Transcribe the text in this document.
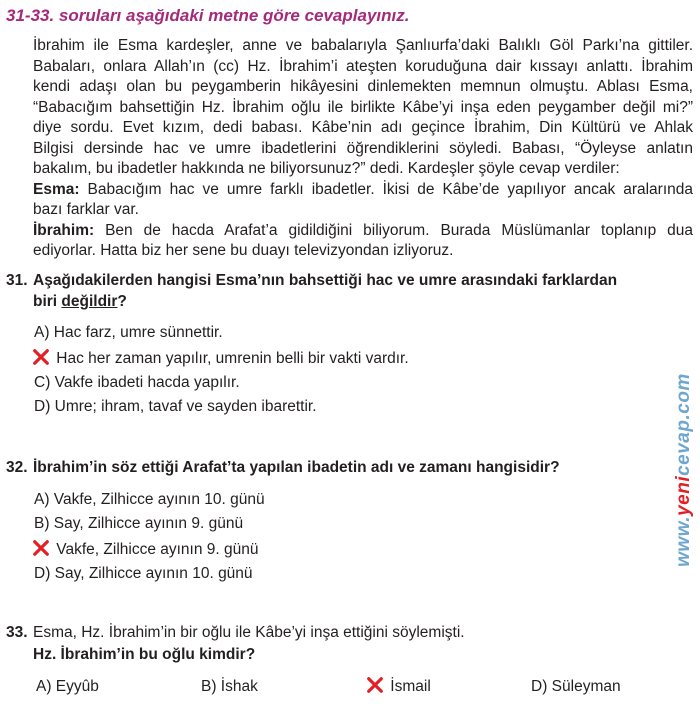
31-33. soruları aşağıdaki metne göre cevaplayınız.
İbrahim ile Esma kardeşler, anne ve babalarıyla Şanlıurfa’daki Balıklı Göl Parkı’na gittiler.
Babaları, onlara Allah’ın (cc) Hz. İbrahim’i ateşten koruduğuna dair kıssayı anlattı. İbrahim
kendi adaşı olan bu peygamberin hikâyesini dinlemekten memnun olmuştu. Ablası Esma,
“Babacığım bahsettiğin Hz. İbrahim oğlu ile birlikte Kâbe’yi inşa eden peygamber değil mi?”
diye sordu. Evet kızım, dedi babası. Kâbe’nin adı geçince İbrahim, Din Kültürü ve Ahlak
Bilgisi dersinde hac ve umre ibadetlerini öğrendiklerini söyledi. Babası, “Öyleyse anlatın
bakalım, bu ibadetler hakkında ne biliyorsunuz?” dedi. Kardeşler şöyle cevap verdiler:
Esma: Babacığım hac ve umre farklı ibadetler. İkisi de Kâbe’de yapılıyor ancak aralarında
bazı farklar var.
İbrahim: Ben de hacda Arafat’a gidildiğini biliyorum. Burada Müslümanlar toplanıp dua
ediyorlar. Hatta biz her sene bu duayı televizyondan izliyoruz.
31. Aşağıdakilerden hangisi Esma’nın bahsettiği hac ve umre arasındaki farklardan
biri değildir?
A) Hac farz, umre sünnettir.
Hac her zaman yapılır, umrenin belli bir vakti vardır.
C) Vakfe ibadeti hacda yapılır.
D) Umre; ihram, tavaf ve sayden ibarettir.
32. İbrahim’in söz ettiği Arafat’ta yapılan ibadetin adı ve zamanı hangisidir?
A) Vakfe, Zilhicce ayının 10. günü
B) Say, Zilhicce ayının 9. günü
Vakfe, Zilhicce ayının 9. günü
D) Say, Zilhicce ayının 10. günü
33. Esma, Hz. İbrahim’in bir oğlu ile Kâbe’yi inşa ettiğini söylemişti.
Hz. İbrahim’in bu oğlu kimdir?
A) Eyyûb	B) İshak	İsmail	D) Süleyman
www.yenicevap.com
